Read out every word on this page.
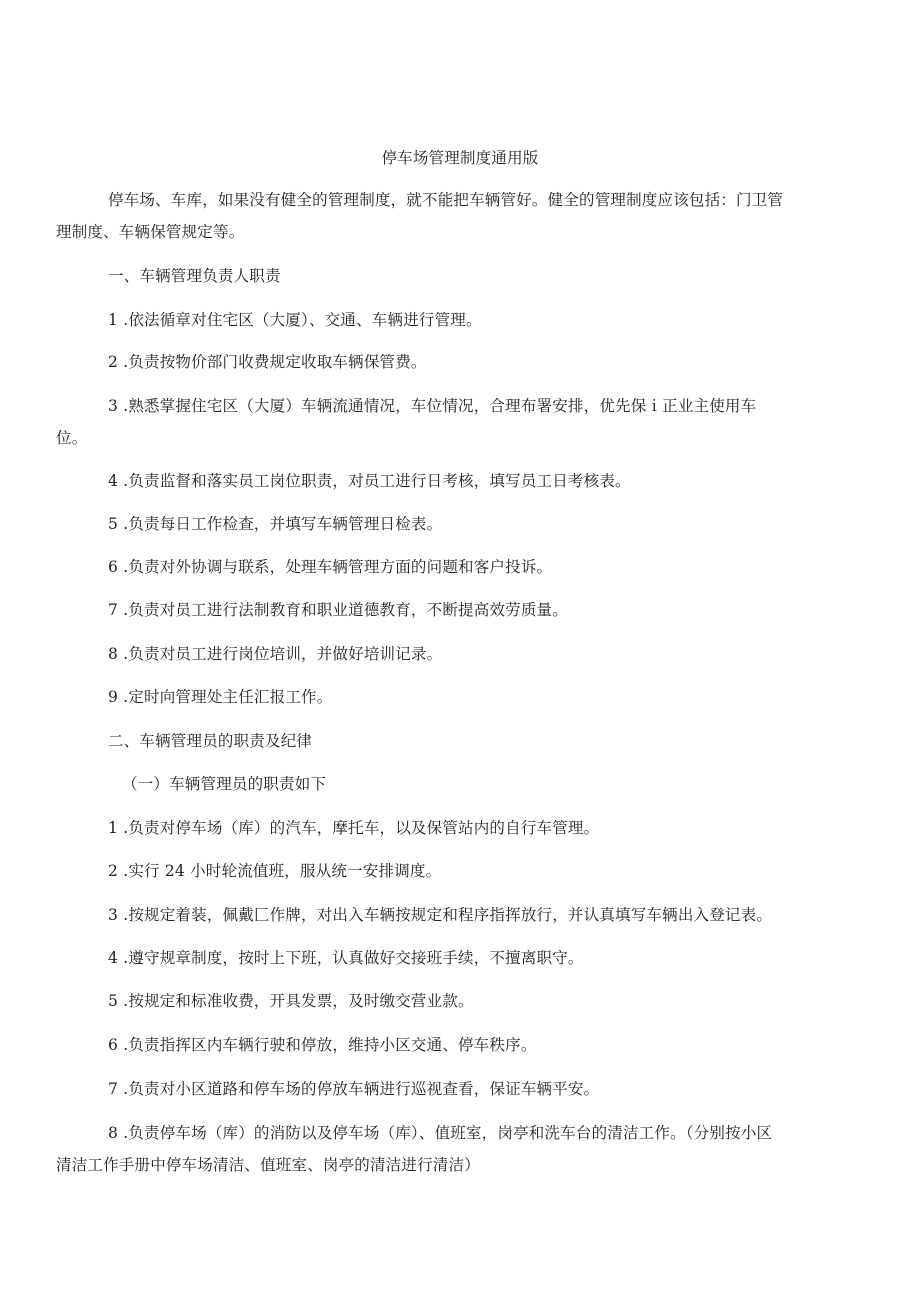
停车场管理制度通用版
停车场、车库，如果没有健全的管理制度，就不能把车辆管好。健全的管理制度应该包括：门卫管
理制度、车辆保管规定等。
一、车辆管理负责人职责
1 .依法循章对住宅区（大厦）、交通、车辆进行管理。
2 .负责按物价部门收费规定收取车辆保管费。
3 .熟悉掌握住宅区（大厦）车辆流通情况，车位情况，合理布署安排，优先保ｉ正业主使用车
位。
4 .负责监督和落实员工岗位职责，对员工进行日考核，填写员工日考核表。
5 .负责每日工作检查，并填写车辆管理日检表。
6 .负责对外协调与联系，处理车辆管理方面的问题和客户投诉。
7 .负责对员工进行法制教育和职业道德教育，不断提高效劳质量。
8 .负责对员工进行岗位培训，并做好培训记录。
9 .定时向管理处主任汇报工作。
二、车辆管理员的职责及纪律
（一）车辆管理员的职责如下
1 .负责对停车场（库）的汽车，摩托车，以及保管站内的自行车管理。
2 .实行 24 小时轮流值班，服从统一安排调度。
3 .按规定着装，佩戴匚作牌，对出入车辆按规定和程序指挥放行，并认真填写车辆出入登记表。
4 .遵守规章制度，按时上下班，认真做好交接班手续，不擅离职守。
5 .按规定和标准收费，开具发票，及时缴交营业款。
6 .负责指挥区内车辆行驶和停放，维持小区交通、停车秩序。
7 .负责对小区道路和停车场的停放车辆进行巡视查看，保证车辆平安。
8 .负责停车场（库）的消防以及停车场（库）、值班室，岗亭和洗车台的清洁工作。（分别按小区
清洁工作手册中停车场清洁、值班室、岗亭的清洁进行清洁）
